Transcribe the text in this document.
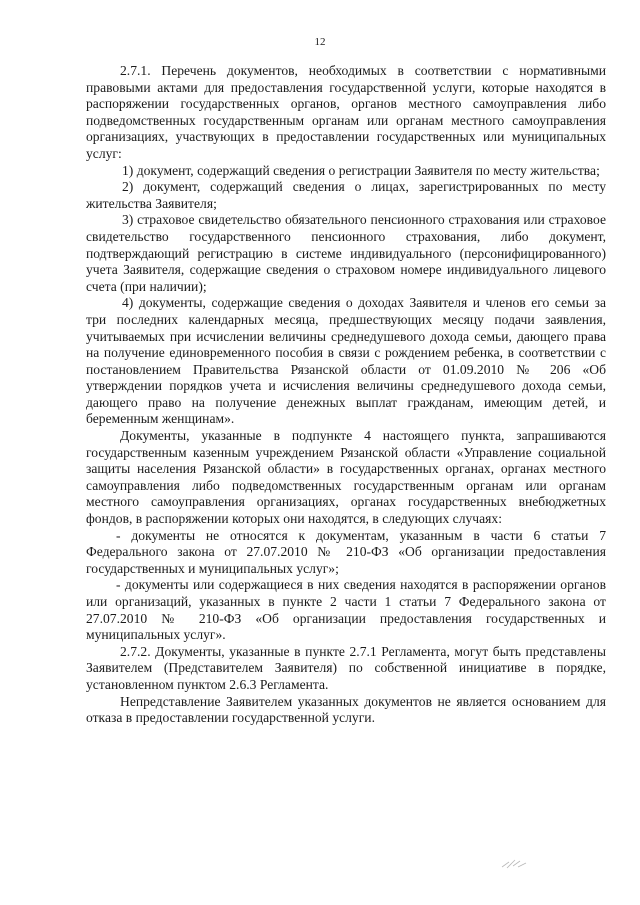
12

2.7.1. Перечень документов, необходимых в соответствии с нормативными правовыми актами для предоставления государственной услуги, которые находятся в распоряжении государственных органов, органов местного самоуправления либо подведомственных государственным органам или органам местного самоуправления организациях, участвующих в предоставлении государственных или муниципальных услуг:

1) документ, содержащий сведения о регистрации Заявителя по месту жительства;

2) документ, содержащий сведения о лицах, зарегистрированных по месту жительства Заявителя;

3) страховое свидетельство обязательного пенсионного страхования или страховое свидетельство государственного пенсионного страхования, либо документ, подтверждающий регистрацию в системе индивидуального (персонифицированного) учета Заявителя, содержащие сведения о страховом номере индивидуального лицевого счета (при наличии);

4) документы, содержащие сведения о доходах Заявителя и членов его семьи за три последних календарных месяца, предшествующих месяцу подачи заявления, учитываемых при исчислении величины среднедушевого дохода семьи, дающего права на получение единовременного пособия в связи с рождением ребенка, в соответствии с постановлением Правительства Рязанской области от 01.09.2010 № 206 «Об утверждении порядков учета и исчисления величины среднедушевого дохода семьи, дающего право на получение денежных выплат гражданам, имеющим детей, и беременным женщинам».

Документы, указанные в подпункте 4 настоящего пункта, запрашиваются государственным казенным учреждением Рязанской области «Управление социальной защиты населения Рязанской области» в государственных органах, органах местного самоуправления либо подведомственных государственным органам или органам местного самоуправления организациях, органах государственных внебюджетных фондов, в распоряжении которых они находятся, в следующих случаях:

- документы не относятся к документам, указанным в части 6 статьи 7 Федерального закона от 27.07.2010 № 210-ФЗ «Об организации предоставления государственных и муниципальных услуг»;

- документы или содержащиеся в них сведения находятся в распоряжении органов или организаций, указанных в пункте 2 части 1 статьи 7 Федерального закона от 27.07.2010 № 210-ФЗ «Об организации предоставления государственных и муниципальных услуг».

2.7.2. Документы, указанные в пункте 2.7.1 Регламента, могут быть представлены Заявителем (Представителем Заявителя) по собственной инициативе в порядке, установленном пунктом 2.6.3 Регламента.

Непредставление Заявителем указанных документов не является основанием для отказа в предоставлении государственной услуги.
